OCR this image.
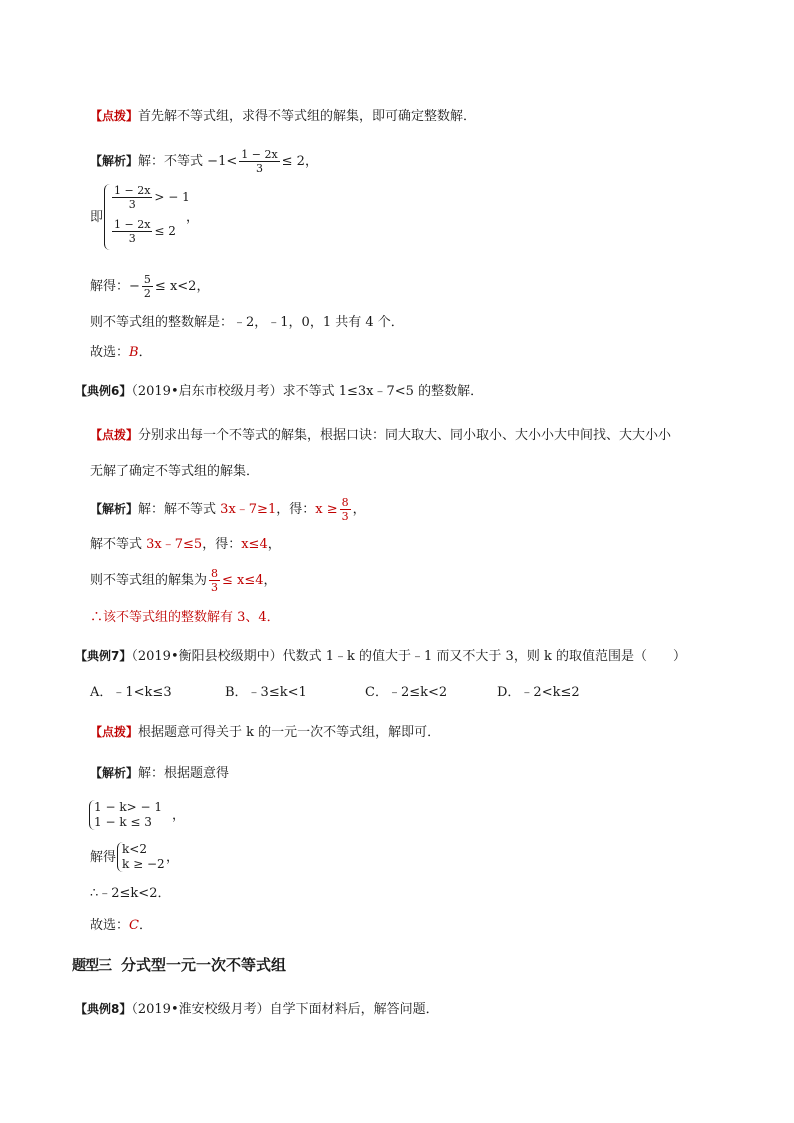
【点拨】首先解不等式组，求得不等式组的解集，即可确定整数解．
【解析】解：不等式 $-1< \frac{1 - 2x}{3} \le 2$，
即
$\frac{1 - 2x}{3}$ > − 1
$\frac{1 - 2x}{3} \le 2$
，
解得：− $\frac{5}{2} \le x<2$，
则不等式组的整数解是：﹣2，﹣1，0，1 共有 4 个．
故选：B．
【典例6】（2019•启东市校级月考）求不等式 1≤3x﹣7<5 的整数解．
【点拨】分别求出每一个不等式的解集，根据口诀：同大取大、同小取小、大小小大中间找、大大小小
无解了确定不等式组的解集．
【解析】解：解不等式 3x﹣7≥1，得：$x \ge \frac{8}{3}$ ，
解不等式 3x﹣7≤5，得：x≤4，
则不等式组的解集为 $\frac{8}{3} \le x\le 4$，
∴该不等式组的整数解有 3、4．
【典例7】（2019•衡阳县校级期中）代数式 1﹣k 的值大于﹣1 而又不大于 3，则 k 的取值范围是（　　）
A．﹣1<k≤3	B．﹣3≤k<1	C．﹣2≤k<2	D．﹣2<k≤2
【点拨】根据题意可得关于 k 的一元一次不等式组，解即可．
【解析】解：根据题意得
1 − k> − 1
1 − k ≤ 3 ，
解得
k<2
k ≥ −2 ，
∴﹣2≤k<2．
故选：C．
题型三 分式型一元一次不等式组
【典例8】（2019•淮安校级月考）自学下面材料后，解答问题．
